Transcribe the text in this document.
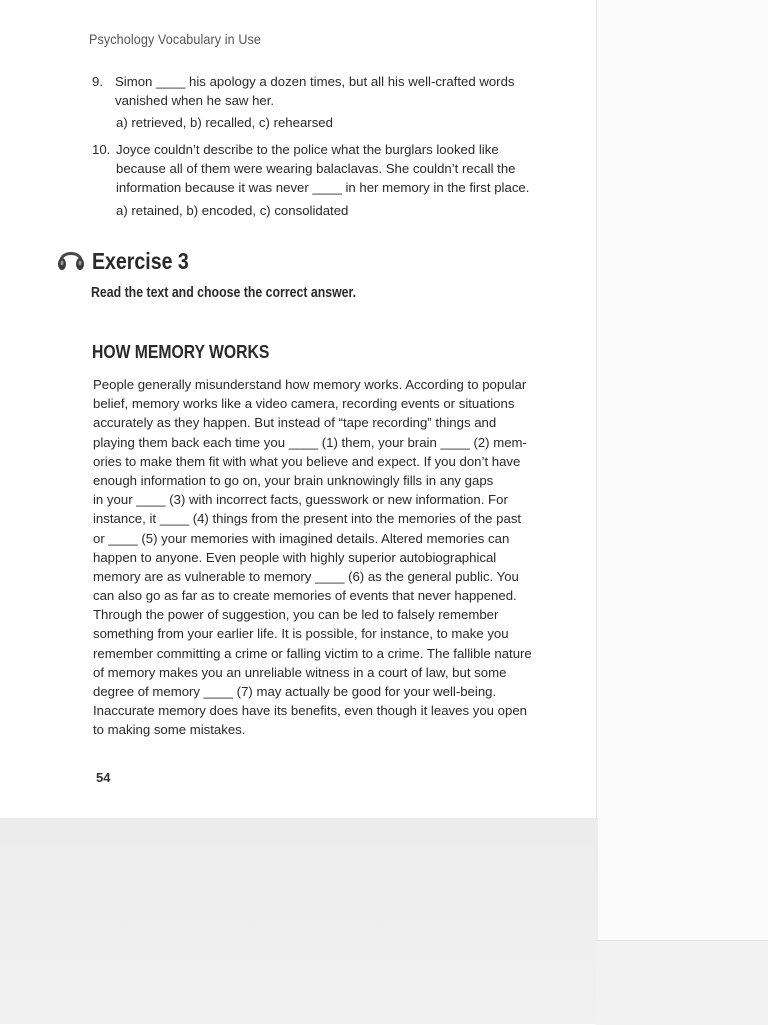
Psychology Vocabulary in Use
9. Simon ____ his apology a dozen times, but all his well-crafted words
vanished when he saw her.
a) retrieved, b) recalled, c) rehearsed
10. Joyce couldn’t describe to the police what the burglars looked like
because all of them were wearing balaclavas. She couldn’t recall the
information because it was never ____ in her memory in the first place.
a) retained, b) encoded, c) consolidated
Exercise 3
Read the text and choose the correct answer.
HOW MEMORY WORKS
People generally misunderstand how memory works. According to popular
belief, memory works like a video camera, recording events or situations
accurately as they happen. But instead of “tape recording” things and
playing them back each time you ____ (1) them, your brain ____ (2) mem-
ories to make them fit with what you believe and expect. If you don’t have
enough information to go on, your brain unknowingly fills in any gaps
in your ____ (3) with incorrect facts, guesswork or new information. For
instance, it ____ (4) things from the present into the memories of the past
or ____ (5) your memories with imagined details. Altered memories can
happen to anyone. Even people with highly superior autobiographical
memory are as vulnerable to memory ____ (6) as the general public. You
can also go as far as to create memories of events that never happened.
Through the power of suggestion, you can be led to falsely remember
something from your earlier life. It is possible, for instance, to make you
remember committing a crime or falling victim to a crime. The fallible nature
of memory makes you an unreliable witness in a court of law, but some
degree of memory ____ (7) may actually be good for your well-being.
Inaccurate memory does have its benefits, even though it leaves you open
to making some mistakes.
54
